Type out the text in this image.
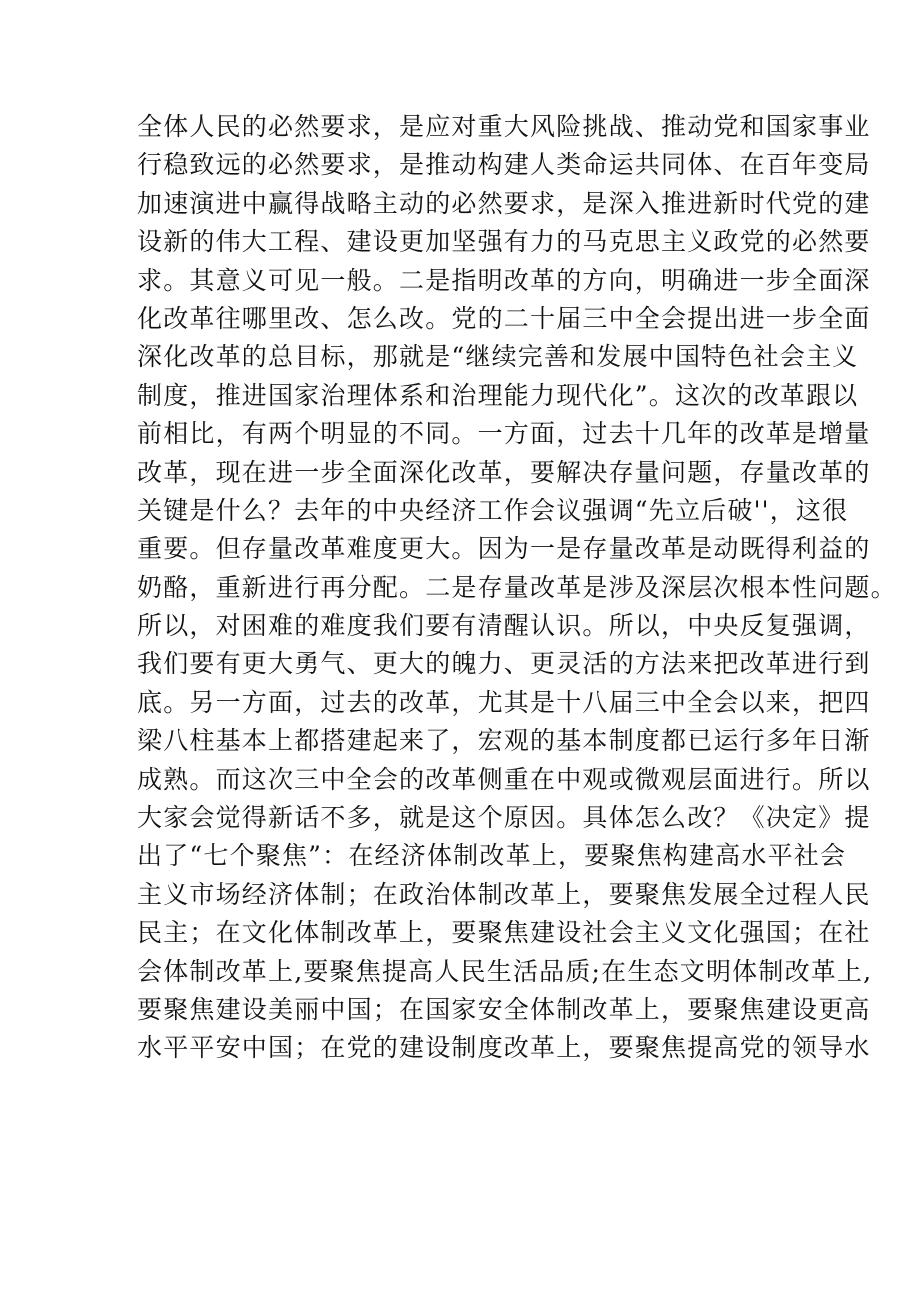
全体人民的必然要求，是应对重大风险挑战、推动党和国家事业
行稳致远的必然要求，是推动构建人类命运共同体、在百年变局
加速演进中赢得战略主动的必然要求，是深入推进新时代党的建
设新的伟大工程、建设更加坚强有力的马克思主义政党的必然要
求。其意义可见一般。二是指明改革的方向，明确进一步全面深
化改革往哪里改、怎么改。党的二十届三中全会提出进一步全面
深化改革的总目标，那就是“继续完善和发展中国特色社会主义
制度，推进国家治理体系和治理能力现代化”。这次的改革跟以
前相比，有两个明显的不同。一方面，过去十几年的改革是增量
改革，现在进一步全面深化改革，要解决存量问题，存量改革的
关键是什么？去年的中央经济工作会议强调“先立后破''，这很
重要。但存量改革难度更大。因为一是存量改革是动既得利益的
奶酪，重新进行再分配。二是存量改革是涉及深层次根本性问题。
所以，对困难的难度我们要有清醒认识。所以，中央反复强调，
我们要有更大勇气、更大的魄力、更灵活的方法来把改革进行到
底。另一方面，过去的改革，尤其是十八届三中全会以来，把四
梁八柱基本上都搭建起来了，宏观的基本制度都已运行多年日渐
成熟。而这次三中全会的改革侧重在中观或微观层面进行。所以
大家会觉得新话不多，就是这个原因。具体怎么改？《决定》提
出了“七个聚焦”：在经济体制改革上，要聚焦构建高水平社会
主义市场经济体制；在政治体制改革上，要聚焦发展全过程人民
民主；在文化体制改革上，要聚焦建设社会主义文化强国；在社
会体制改革上,要聚焦提高人民生活品质;在生态文明体制改革上,
要聚焦建设美丽中国；在国家安全体制改革上，要聚焦建设更高
水平平安中国；在党的建设制度改革上，要聚焦提高党的领导水
